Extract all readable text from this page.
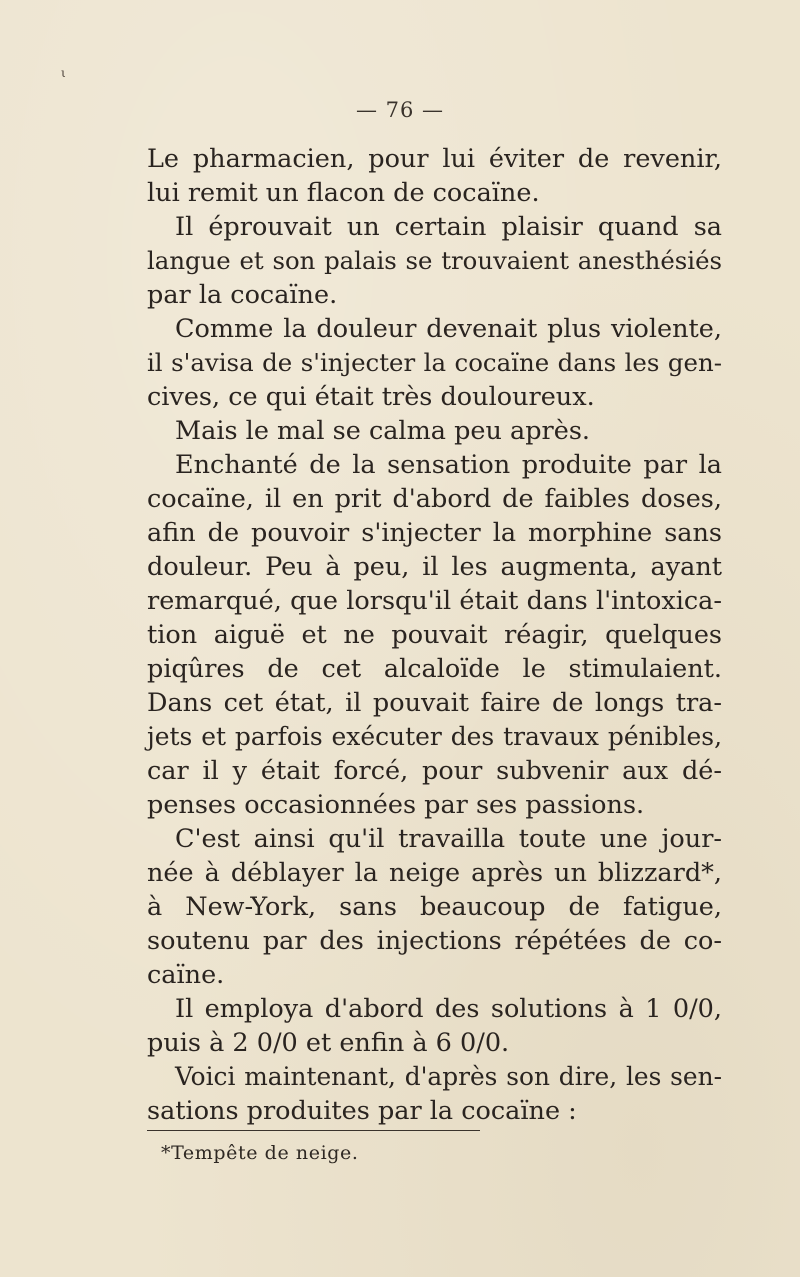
ι
— 76 —
Le pharmacien, pour lui éviter de revenir,
lui remit un flacon de cocaïne.
Il éprouvait un certain plaisir quand sa
langue et son palais se trouvaient anesthésiés
par la cocaïne.
Comme la douleur devenait plus violente,
il s'avisa de s'injecter la cocaïne dans les gen-
cives, ce qui était très douloureux.
Mais le mal se calma peu après.
Enchanté de la sensation produite par la
cocaïne, il en prit d'abord de faibles doses,
afin de pouvoir s'injecter la morphine sans
douleur. Peu à peu, il les augmenta, ayant
remarqué, que lorsqu'il était dans l'intoxica-
tion aiguë et ne pouvait réagir, quelques
piqûres de cet alcaloïde le stimulaient.
Dans cet état, il pouvait faire de longs tra-
jets et parfois exécuter des travaux pénibles,
car il y était forcé, pour subvenir aux dé-
penses occasionnées par ses passions.
C'est ainsi qu'il travailla toute une jour-
née à déblayer la neige après un blizzard*,
à New-York, sans beaucoup de fatigue,
soutenu par des injections répétées de co-
caïne.
Il employa d'abord des solutions à 1 0/0,
puis à 2 0/0 et enfin à 6 0/0.
Voici maintenant, d'après son dire, les sen-
sations produites par la cocaïne :
*Tempête de neige.
